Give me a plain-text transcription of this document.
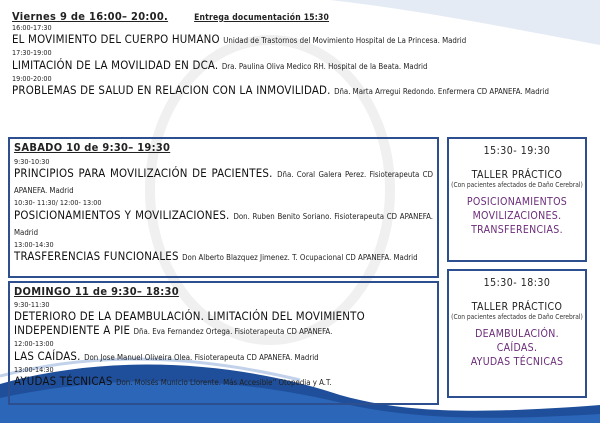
Viernes 9 de 16:00– 20:00.	Entrega documentación 15:30
16:00-17:30
EL MOVIMIENTO DEL CUERPO HUMANO Unidad de Trastornos del Movimiento Hospital de La Princesa. Madrid
17:30-19:00
LIMITACIÓN DE LA MOVILIDAD EN DCA. Dra. Paulina Oliva Medico RH. Hospital de la Beata. Madrid
19:00-20:00
PROBLEMAS DE SALUD EN RELACION CON LA INMOVILIDAD. Dña. Marta Arregui Redondo. Enfermera CD APANEFA. Madrid
SABADO 10 de 9:30– 19:30
9:30-10:30
PRINCIPIOS PARA MOVILIZACIÓN DE PACIENTES. Dña. Coral Galera Perez. Fisioterapeuta CD APANEFA. Madrid
10:30- 11:30/ 12:00- 13:00
POSICIONAMIENTOS Y MOVILIZACIONES. Don. Ruben Benito Soriano. Fisioterapeuta CD APANEFA. Madrid
13:00-14:30
TRASFERENCIAS FUNCIONALES Don Alberto Blazquez Jimenez. T. Ocupacional CD APANEFA. Madrid
DOMINGO 11 de 9:30– 18:30
9:30-11:30
DETERIORO DE LA DEAMBULACIÓN. LIMITACIÓN DEL MOVIMIENTO INDEPENDIENTE A PIE Dña. Eva Fernandez Ortega. Fisioterapeuta CD APANEFA.
12:00-13:00
LAS CAÍDAS. Don Jose Manuel Oliveira Olea. Fisioterapeuta CD APANEFA. Madrid
13:00-14:30
AYUDAS TÉCNICAS Don. Moisés Municio Llorente. Más Accesible'' Otopedia y A.T.
15:30- 19:30
TALLER PRÁCTICO
(Con pacientes afectados de Daño Cerebral)
POSICIONAMIENTOS
MOVILIZACIONES.
TRANSFERENCIAS.
15:30- 18:30
TALLER PRÁCTICO
(Con pacientes afectados de Daño Cerebral)
DEAMBULACIÓN.
CAÍDAS.
AYUDAS TÉCNICAS
